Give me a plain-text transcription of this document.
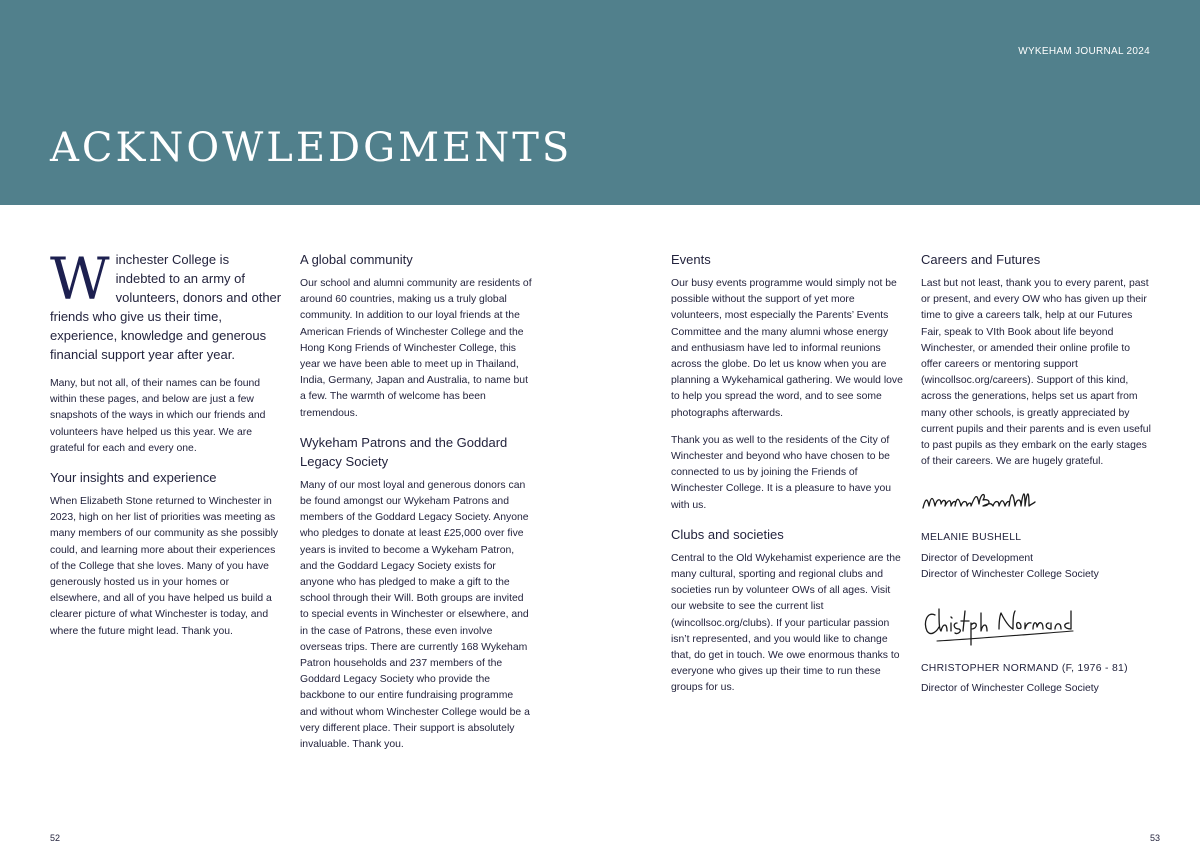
WYKEHAM JOURNAL 2024
ACKNOWLEDGMENTS
Winchester College is indebted to an army of volunteers, donors and other friends who give us their time, experience, knowledge and generous financial support year after year.

Many, but not all, of their names can be found within these pages, and below are just a few snapshots of the ways in which our friends and volunteers have helped us this year. We are grateful for each and every one.

Your insights and experience

When Elizabeth Stone returned to Winchester in 2023, high on her list of priorities was meeting as many members of our community as she possibly could, and learning more about their experiences of the College that she loves. Many of you have generously hosted us in your homes or elsewhere, and all of you have helped us build a clearer picture of what Winchester is today, and where the future might lead. Thank you.

A global community

Our school and alumni community are residents of around 60 countries, making us a truly global community. In addition to our loyal friends at the American Friends of Winchester College and the Hong Kong Friends of Winchester College, this year we have been able to meet up in Thailand, India, Germany, Japan and Australia, to name but a few. The warmth of welcome has been tremendous.

Wykeham Patrons and the Goddard Legacy Society

Many of our most loyal and generous donors can be found amongst our Wykeham Patrons and members of the Goddard Legacy Society. Anyone who pledges to donate at least £25,000 over five years is invited to become a Wykeham Patron, and the Goddard Legacy Society exists for anyone who has pledged to make a gift to the school through their Will. Both groups are invited to special events in Winchester or elsewhere, and in the case of Patrons, these even involve overseas trips. There are currently 168 Wykeham Patron households and 237 members of the Goddard Legacy Society who provide the backbone to our entire fundraising programme and without whom Winchester College would be a very different place. Their support is absolutely invaluable. Thank you.

Events

Our busy events programme would simply not be possible without the support of yet more volunteers, most especially the Parents’ Events Committee and the many alumni whose energy and enthusiasm have led to informal reunions across the globe. Do let us know when you are planning a Wykehamical gathering. We would love to help you spread the word, and to see some photographs afterwards.

Thank you as well to the residents of the City of Winchester and beyond who have chosen to be connected to us by joining the Friends of Winchester College. It is a pleasure to have you with us.

Clubs and societies

Central to the Old Wykehamist experience are the many cultural, sporting and regional clubs and societies run by volunteer OWs of all ages. Visit our website to see the current list (wincollsoc.org/clubs). If your particular passion isn’t represented, and you would like to change that, do get in touch. We owe enormous thanks to everyone who gives up their time to run these groups for us.

Careers and Futures

Last but not least, thank you to every parent, past or present, and every OW who has given up their time to give a careers talk, help at our Futures Fair, speak to VIth Book about life beyond Winchester, or amended their online profile to offer careers or mentoring support (wincollsoc.org/careers). Support of this kind, across the generations, helps set us apart from many other schools, is greatly appreciated by current pupils and their parents and is even useful to past pupils as they embark on the early stages of their careers. We are hugely grateful.

MELANIE BUSHELL

Director of Development

Director of Winchester College Society

CHRISTOPHER NORMAND (F, 1976 - 81)

Director of Winchester College Society

52	53
